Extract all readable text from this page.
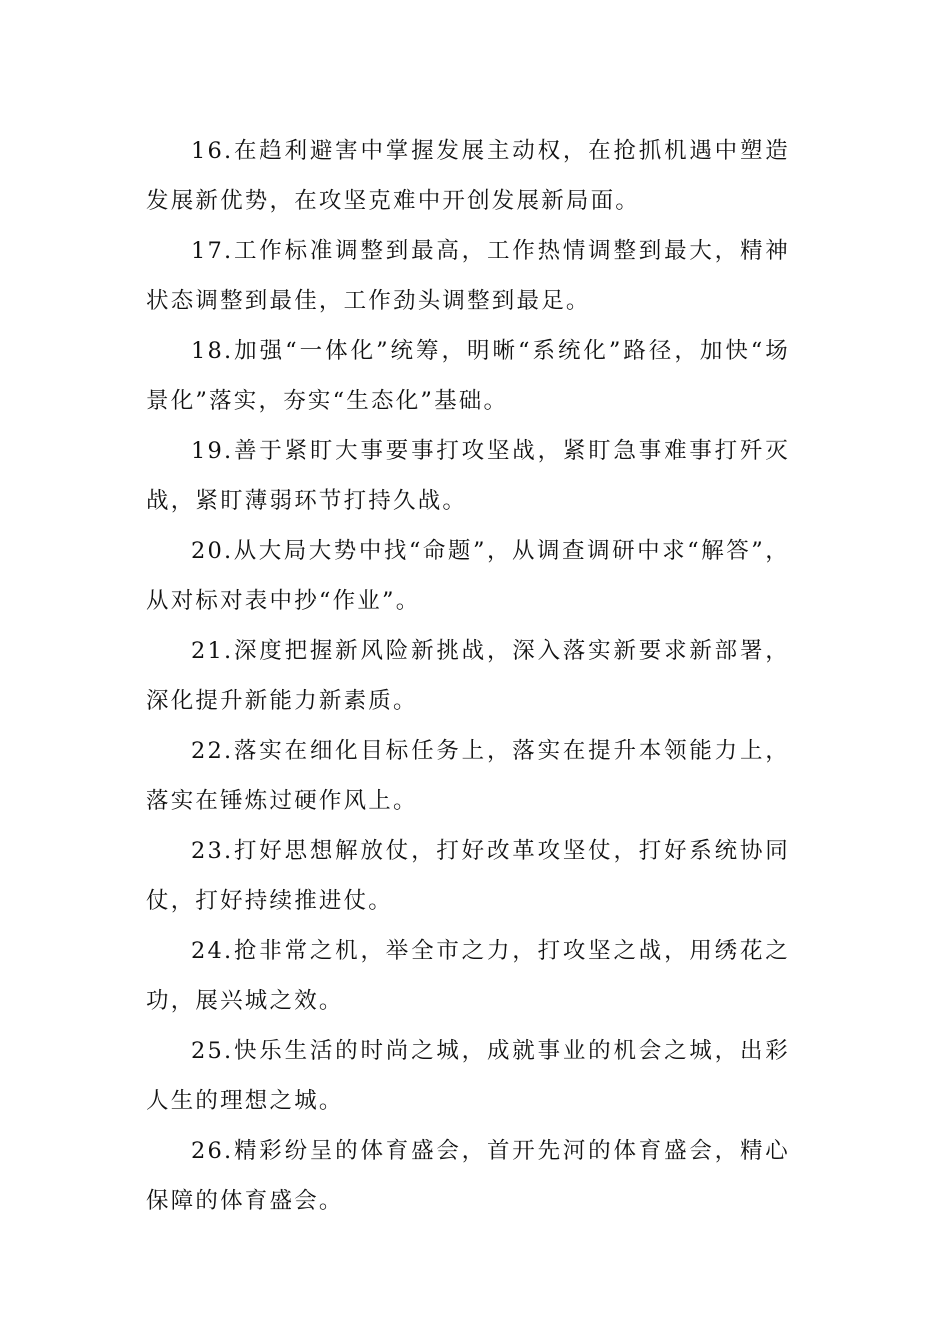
16.在趋利避害中掌握发展主动权，在抢抓机遇中塑造发展新优势，在攻坚克难中开创发展新局面。

17.工作标准调整到最高，工作热情调整到最大，精神状态调整到最佳，工作劲头调整到最足。

18.加强“一体化”统筹，明晰“系统化”路径，加快“场景化”落实，夯实“生态化”基础。

19.善于紧盯大事要事打攻坚战，紧盯急事难事打歼灭战，紧盯薄弱环节打持久战。

20.从大局大势中找“命题”，从调查调研中求“解答”，从对标对表中抄“作业”。

21.深度把握新风险新挑战，深入落实新要求新部署，深化提升新能力新素质。

22.落实在细化目标任务上，落实在提升本领能力上，落实在锤炼过硬作风上。

23.打好思想解放仗，打好改革攻坚仗，打好系统协同仗，打好持续推进仗。

24.抢非常之机，举全市之力，打攻坚之战，用绣花之功，展兴城之效。

25.快乐生活的时尚之城，成就事业的机会之城，出彩人生的理想之城。

26.精彩纷呈的体育盛会，首开先河的体育盛会，精心保障的体育盛会。
